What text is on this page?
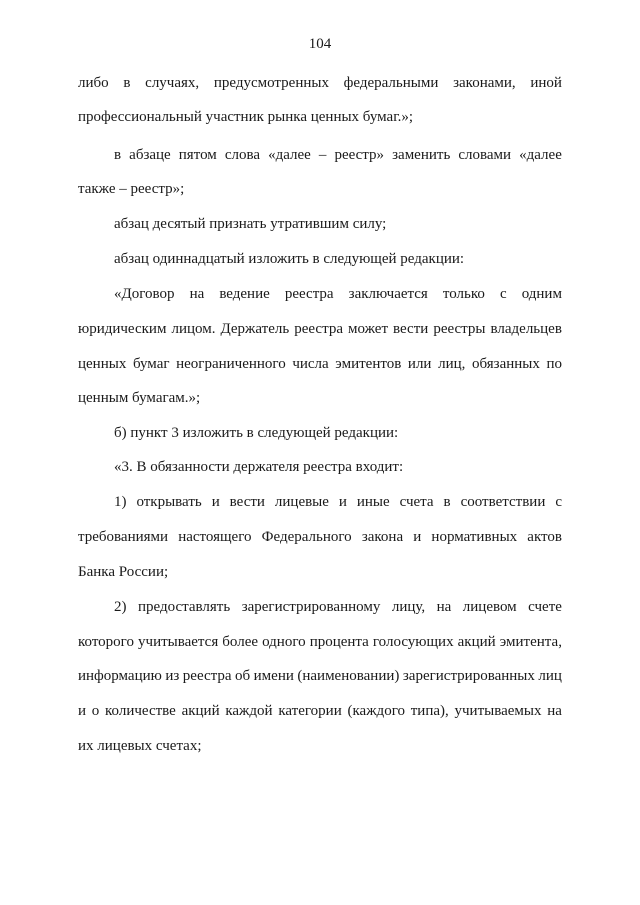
104
либо в случаях, предусмотренных федеральными законами, иной
профессиональный участник рынка ценных бумаг.»;
в абзаце пятом слова «далее – реестр» заменить словами «далее
также – реестр»;
абзац десятый признать утратившим силу;
абзац одиннадцатый изложить в следующей редакции:
«Договор на ведение реестра заключается только с одним
юридическим лицом. Держатель реестра может вести реестры владельцев
ценных бумаг неограниченного числа эмитентов или лиц, обязанных по
ценным бумагам.»;
б) пункт 3 изложить в следующей редакции:
«3. В обязанности держателя реестра входит:
1) открывать и вести лицевые и иные счета в соответствии с
требованиями настоящего Федерального закона и нормативных актов
Банка России;
2) предоставлять зарегистрированному лицу, на лицевом счете
которого учитывается более одного процента голосующих акций эмитента,
информацию из реестра об имени (наименовании) зарегистрированных лиц
и о количестве акций каждой категории (каждого типа), учитываемых на
их лицевых счетах;
